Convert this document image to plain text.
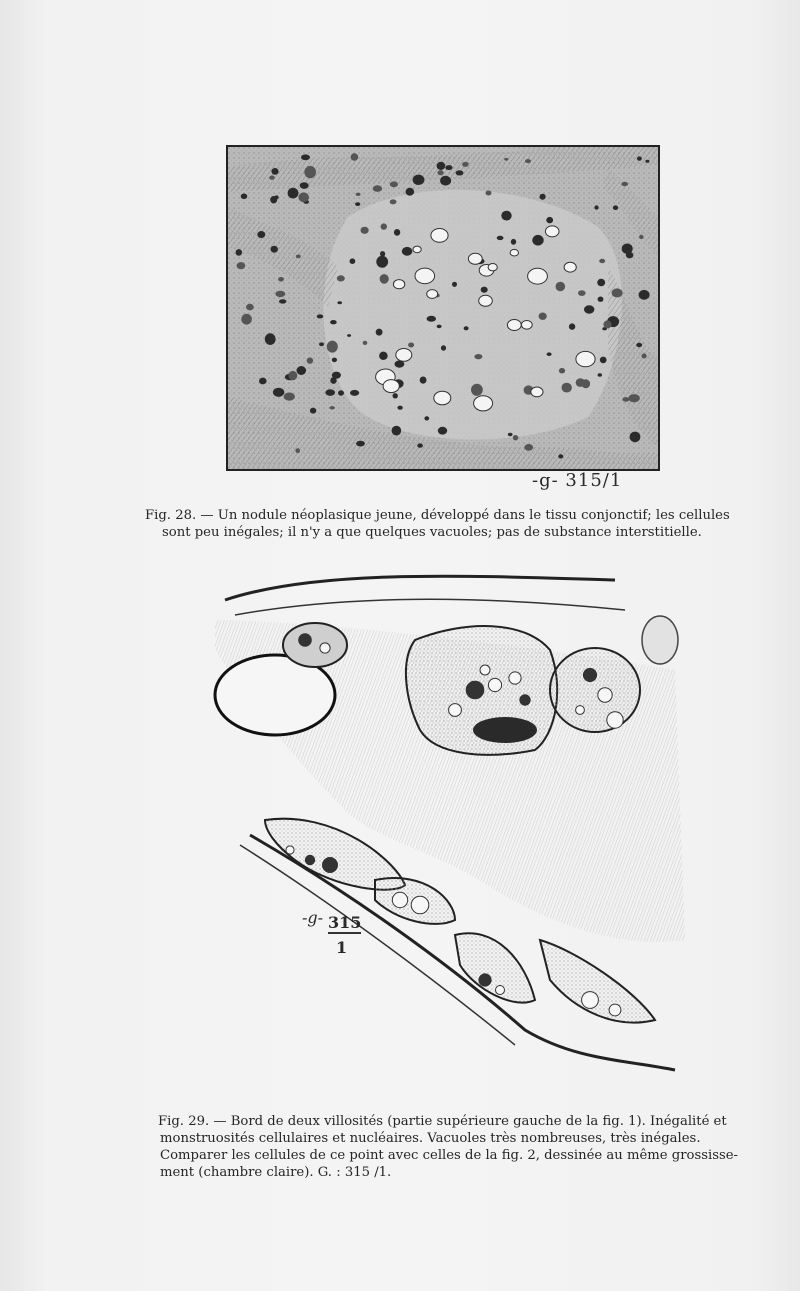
-g- 315/1
Fig. 28. — Un nodule néoplasique jeune, développé dans le tissu conjonctif; les cellules
sont peu inégales; il n'y a que quelques vacuoles; pas de substance interstitielle.
-g- 315
1
Fig. 29. — Bord de deux villosités (partie supérieure gauche de la fig. 1). Inégalité et
monstruosités cellulaires et nucléaires. Vacuoles très nombreuses, très inégales.
Comparer les cellules de ce point avec celles de la fig. 2, dessinée au même grossisse-
ment (chambre claire). G. : 315 /1.
